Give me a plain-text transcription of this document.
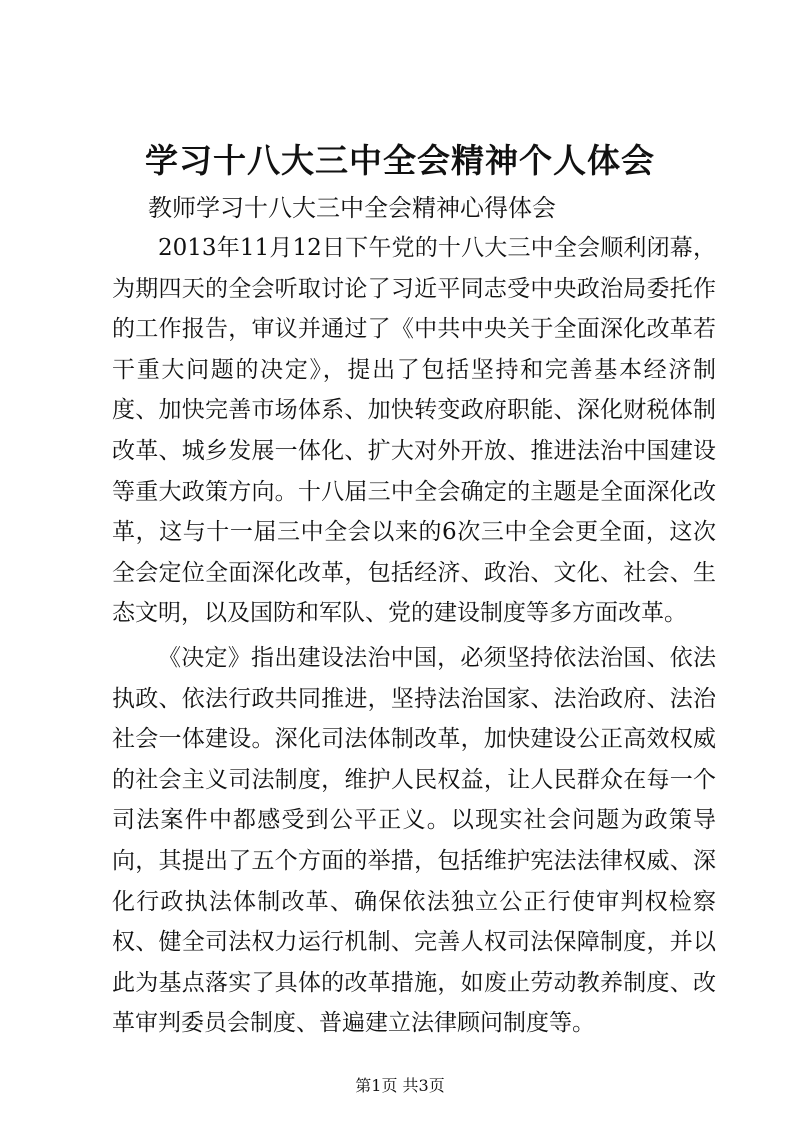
学习十八大三中全会精神个人体会
教师学习十八大三中全会精神心得体会

2013年11月12日下午党的十八大三中全会顺利闭幕，为期四天的全会听取讨论了习近平同志受中央政治局委托作的工作报告，审议并通过了《中共中央关于全面深化改革若干重大问题的决定》，提出了包括坚持和完善基本经济制度、加快完善市场体系、加快转变政府职能、深化财税体制改革、城乡发展一体化、扩大对外开放、推进法治中国建设等重大政策方向。十八届三中全会确定的主题是全面深化改革，这与十一届三中全会以来的6次三中全会更全面，这次全会定位全面深化改革，包括经济、政治、文化、社会、生态文明，以及国防和军队、党的建设制度等多方面改革。

《决定》指出建设法治中国，必须坚持依法治国、依法执政、依法行政共同推进，坚持法治国家、法治政府、法治社会一体建设。深化司法体制改革，加快建设公正高效权威的社会主义司法制度，维护人民权益，让人民群众在每一个司法案件中都感受到公平正义。以现实社会问题为政策导向，其提出了五个方面的举措，包括维护宪法法律权威、深化行政执法体制改革、确保依法独立公正行使审判权检察权、健全司法权力运行机制、完善人权司法保障制度，并以此为基点落实了具体的改革措施，如废止劳动教养制度、改革审判委员会制度、普遍建立法律顾问制度等。

第1页 共3页
